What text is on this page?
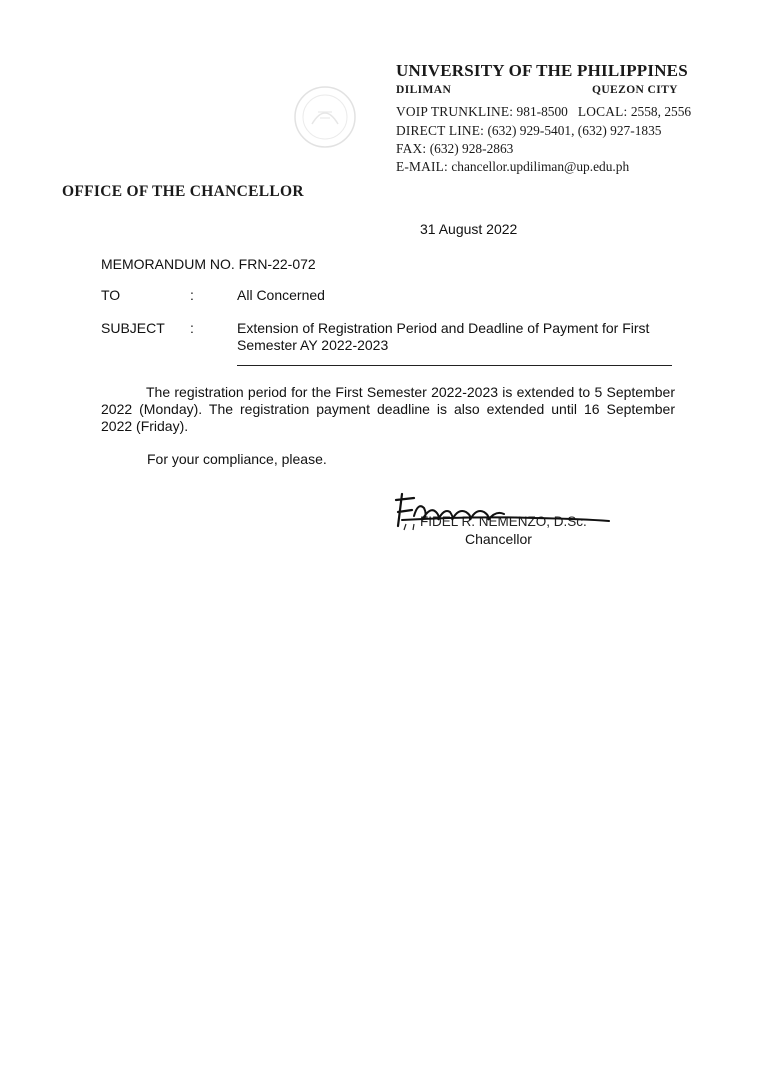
UNIVERSITY OF THE PHILIPPINES
DILIMAN	QUEZON CITY
VOIP TRUNKLINE: 981-8500 LOCAL: 2558, 2556
DIRECT LINE: (632) 929-5401, (632) 927-1835
FAX: (632) 928-2863
E-MAIL: chancellor.updiliman@up.edu.ph
OFFICE OF THE CHANCELLOR
31 August 2022
MEMORANDUM NO. FRN-22-072
TO	:	All Concerned
SUBJECT :	Extension of Registration Period and Deadline of Payment for First Semester AY 2022-2023
The registration period for the First Semester 2022-2023 is extended to 5 September 2022 (Monday). The registration payment deadline is also extended until 16 September 2022 (Friday).
For your compliance, please.
FIDEL R. NEMENZO, D.Sc.
Chancellor
